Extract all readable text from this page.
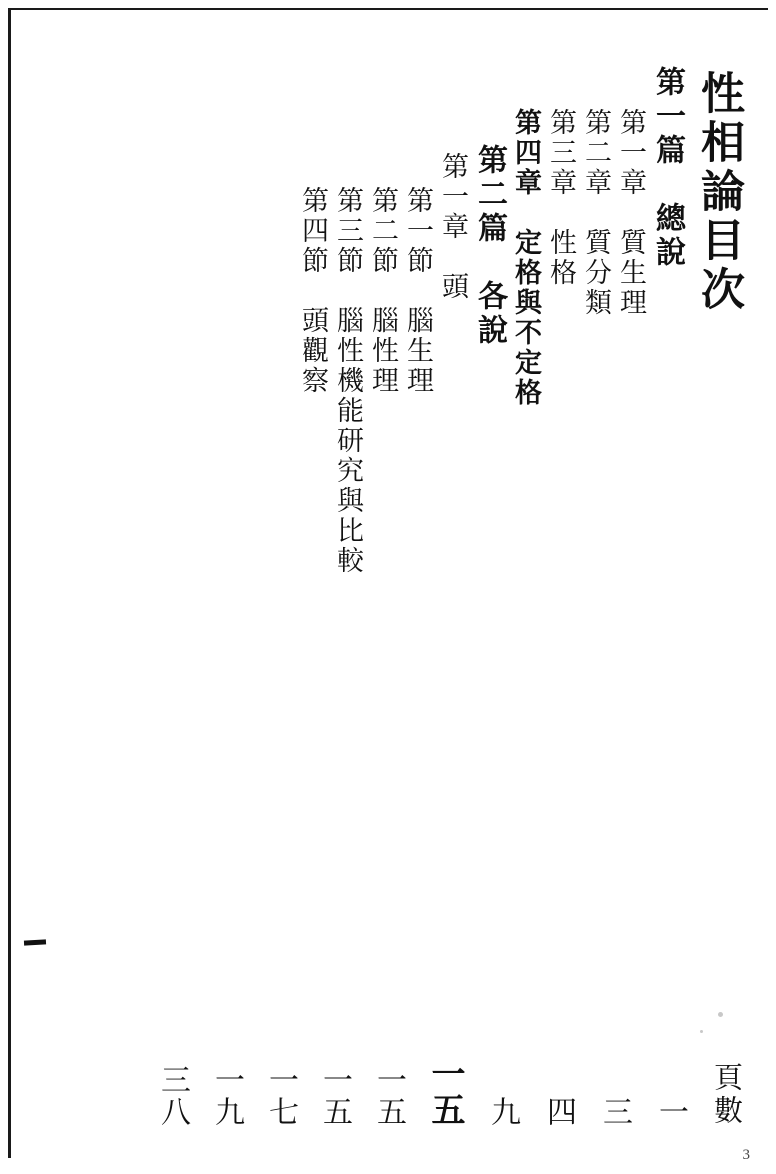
性相論目次
第一篇　總說
第一章　質生理
第二章　質分類
第三章　性格
第四章　定格與不定格
第二篇　各說
第一章　頭
第一節　腦生理
第二節　腦性理
第三節　腦性機能研究與比較
第四節　頭觀察
頁數
一
三
四
九
一五
一五
一五
一七
一九
三八
3
